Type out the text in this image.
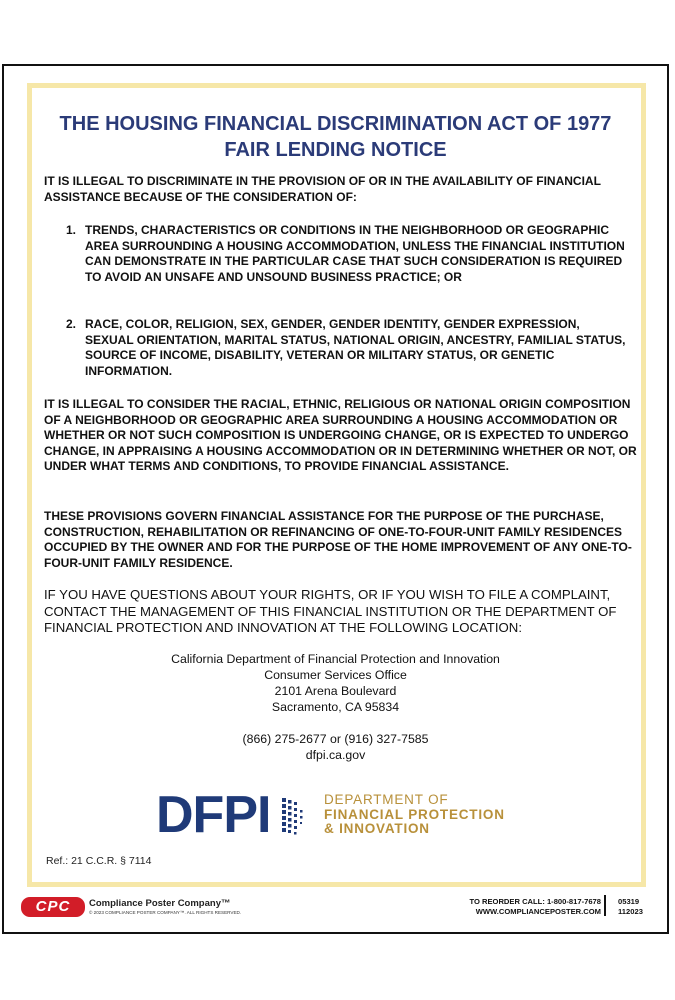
THE HOUSING FINANCIAL DISCRIMINATION ACT OF 1977
FAIR LENDING NOTICE
IT IS ILLEGAL TO DISCRIMINATE IN THE PROVISION OF OR IN THE AVAILABILITY OF FINANCIAL ASSISTANCE BECAUSE OF THE CONSIDERATION OF:
1. TRENDS, CHARACTERISTICS OR CONDITIONS IN THE NEIGHBORHOOD OR GEOGRAPHIC AREA SURROUNDING A HOUSING ACCOMMODATION, UNLESS THE FINANCIAL INSTITUTION CAN DEMONSTRATE IN THE PARTICULAR CASE THAT SUCH CONSIDERATION IS REQUIRED TO AVOID AN UNSAFE AND UNSOUND BUSINESS PRACTICE; OR
2. RACE, COLOR, RELIGION, SEX, GENDER, GENDER IDENTITY, GENDER EXPRESSION, SEXUAL ORIENTATION, MARITAL STATUS, NATIONAL ORIGIN, ANCESTRY, FAMILIAL STATUS, SOURCE OF INCOME, DISABILITY, VETERAN OR MILITARY STATUS, OR GENETIC INFORMATION.
IT IS ILLEGAL TO CONSIDER THE RACIAL, ETHNIC, RELIGIOUS OR NATIONAL ORIGIN COMPOSITION OF A NEIGHBORHOOD OR GEOGRAPHIC AREA SURROUNDING A HOUSING ACCOMMODATION OR WHETHER OR NOT SUCH COMPOSITION IS UNDERGOING CHANGE, OR IS EXPECTED TO UNDERGO CHANGE, IN APPRAISING A HOUSING ACCOMMODATION OR IN DETERMINING WHETHER OR NOT, OR UNDER WHAT TERMS AND CONDITIONS, TO PROVIDE FINANCIAL ASSISTANCE.
THESE PROVISIONS GOVERN FINANCIAL ASSISTANCE FOR THE PURPOSE OF THE PURCHASE, CONSTRUCTION, REHABILITATION OR REFINANCING OF ONE-TO-FOUR-UNIT FAMILY RESIDENCES OCCUPIED BY THE OWNER AND FOR THE PURPOSE OF THE HOME IMPROVEMENT OF ANY ONE-TO-FOUR-UNIT FAMILY RESIDENCE.
IF YOU HAVE QUESTIONS ABOUT YOUR RIGHTS, OR IF YOU WISH TO FILE A COMPLAINT, CONTACT THE MANAGEMENT OF THIS FINANCIAL INSTITUTION OR THE DEPARTMENT OF FINANCIAL PROTECTION AND INNOVATION AT THE FOLLOWING LOCATION:
California Department of Financial Protection and Innovation
Consumer Services Office
2101 Arena Boulevard
Sacramento, CA 95834
(866) 275-2677 or (916) 327-7585
dfpi.ca.gov
DFPI	DEPARTMENT OF
FINANCIAL PROTECTION
& INNOVATION
Ref.: 21 C.C.R. § 7114
CPC	Compliance Poster Company™
© 2023 COMPLIANCE POSTER COMPANY™. ALL RIGHTS RESERVED.
TO REORDER CALL: 1-800-817-7678
WWW.COMPLIANCEPOSTER.COM
05319
112023
